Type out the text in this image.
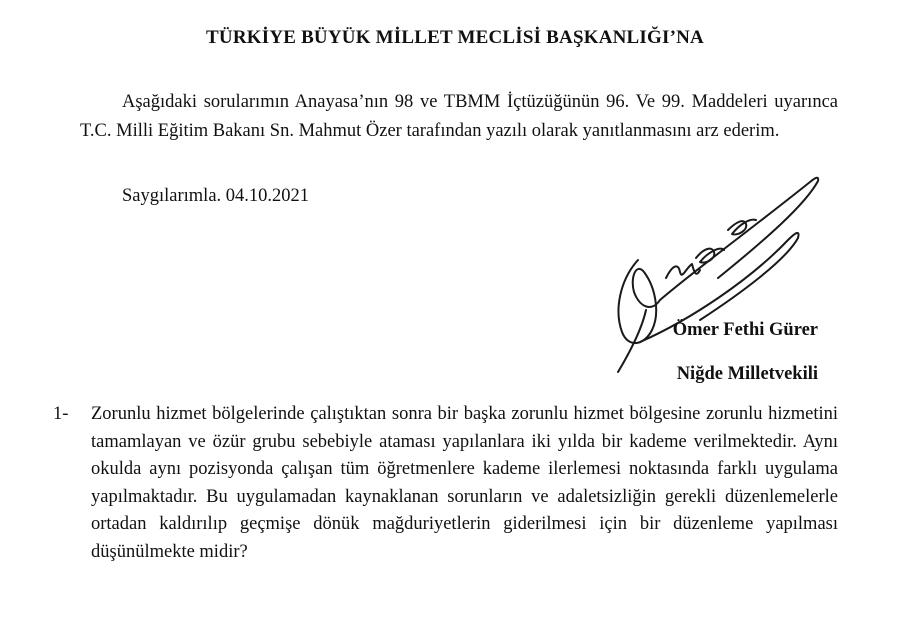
TÜRKİYE BÜYÜK MİLLET MECLİSİ BAŞKANLIĞI’NA
Aşağıdaki sorularımın Anayasa’nın 98 ve TBMM İçtüzüğünün 96. Ve 99. Maddeleri uyarınca T.C. Milli Eğitim Bakanı Sn. Mahmut Özer tarafından yazılı olarak yanıtlanmasını arz ederim.
Saygılarımla. 04.10.2021
Ömer Fethi Gürer
Niğde Milletvekili
1- Zorunlu hizmet bölgelerinde çalıştıktan sonra bir başka zorunlu hizmet bölgesine zorunlu hizmetini tamamlayan ve özür grubu sebebiyle ataması yapılanlara iki yılda bir kademe verilmektedir. Aynı okulda aynı pozisyonda çalışan tüm öğretmenlere kademe ilerlemesi noktasında farklı uygulama yapılmaktadır. Bu uygulamadan kaynaklanan sorunların ve adaletsizliğin gerekli düzenlemelerle ortadan kaldırılıp geçmişe dönük mağduriyetlerin giderilmesi için bir düzenleme yapılması düşünülmekte midir?
